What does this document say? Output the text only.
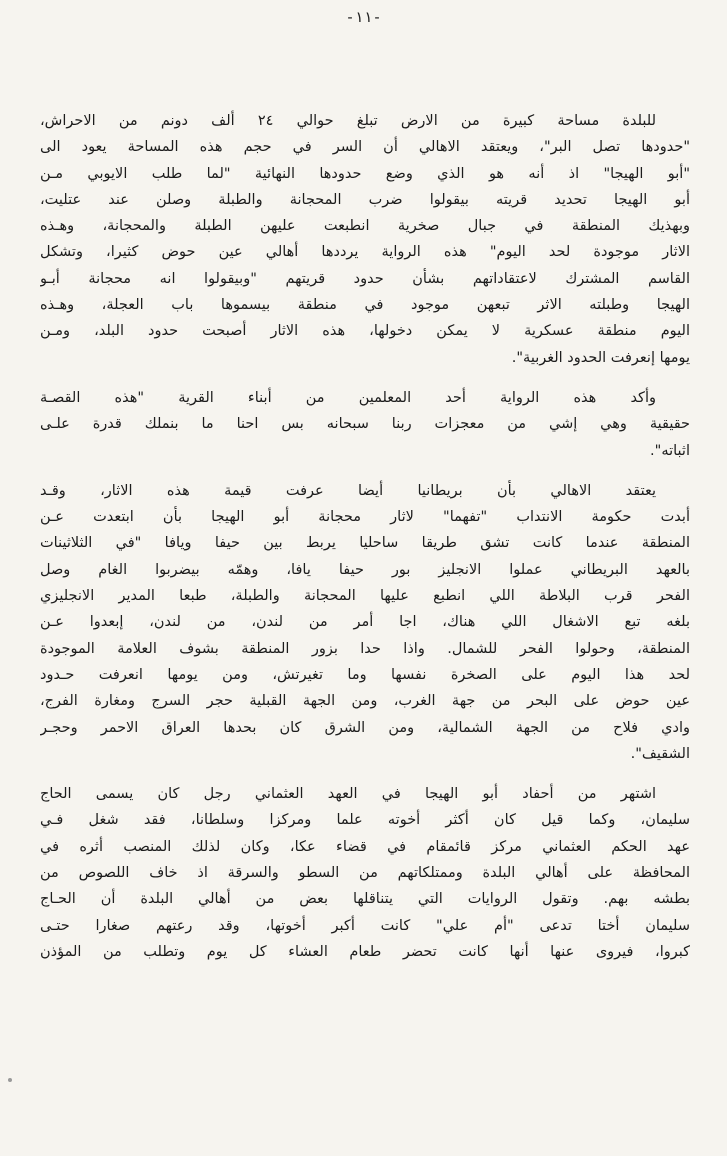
-١١-
للبلدة مساحة كبيرة من الارض تبلغ حوالي ٢٤ ألف دونم من الاحراش،
"حدودها تصل البر"، ويعتقد الاهالي أن السر في حجم هذه المساحة يعود الى
"أبو الهيجا" اذ أنه هو الذي وضع حدودها النهائية "لما طلب الايوبي مـن
أبو الهيجا تحديد قريته بيقولوا ضرب المحجانة والطبلة وصلن عند عتليت،
وبهذيك المنطقة في جبال صخرية انطبعت عليهن الطبلة والمحجانة، وهـذه
الاثار موجودة لحد اليوم" هذه الرواية يرددها أهالي عين حوض كثيرا، وتشكل
القاسم المشترك لاعتقاداتهم بشأن حدود قريتهم "وبيقولوا انه محجانة أبـو
الهيجا وطبلته الاثر تبعهن موجود في منطقة بيسموها باب العجلة، وهـذه
اليوم منطقة عسكرية لا يمكن دخولها، هذه الاثار أصبحت حدود البلد، ومـن
يومها إنعرفت الحدود الغربية".
وأكد هذه الرواية أحد المعلمين من أبناء القرية "هذه القصـة
حقيقية وهي إشي من معجزات ربنا سبحانه بس احنا ما بنملك قدرة علـى
اثباته".
يعتقد الاهالي بأن بريطانيا أيضا عرفت قيمة هذه الاثار، وقـد
أبدت حكومة الانتداب "تفهما" لاثار محجانة أبو الهيجا بأن ابتعدت عـن
المنطقة عندما كانت تشق طريقا ساحليا يربط بين حيفا ويافا "في الثلاثينات
بالعهد البريطاني عملوا الانجليز بور حيفا يافا، وهمّه بيضربوا الغام وصل
الفحر قرب البلاطة اللي انطبع عليها المحجانة والطبلة، طبعا المدير الانجليزي
بلغه تبع الاشغال اللي هناك، اجا أمر من لندن، من لندن، إبعدوا عـن
المنطقة، وحولوا الفحر للشمال. واذا حدا بزور المنطقة بشوف العلامة الموجودة
لحد هذا اليوم على الصخرة نفسها وما تغيرتش، ومن يومها انعرفت حـدود
عين حوض على البحر من جهة الغرب، ومن الجهة القبلية حجر السرج ومغارة الفرج،
وادي فلاح من الجهة الشمالية، ومن الشرق كان بحدها العراق الاحمر وحجـر
الشقيف".
اشتهر من أحفاد أبو الهيجا في العهد العثماني رجل كان يسمى الحاج
سليمان، وكما قيل كان أكثر أخوته علما ومركزا وسلطانا، فقد شغل فـي
عهد الحكم العثماني مركز قائمقام في قضاء عكا، وكان لذلك المنصب أثره في
المحافظة على أهالي البلدة وممتلكاتهم من السطو والسرقة اذ خاف اللصوص من
بطشه بهم. وتقول الروايات التي يتناقلها بعض من أهالي البلدة أن الحـاج
سليمان أختا تدعى "أم علي" كانت أكبر أخوتها، وقد رعتهم صغارا حتـى
كبروا، فيروى عنها أنها كانت تحضر طعام العشاء كل يوم وتطلب من المؤذن
